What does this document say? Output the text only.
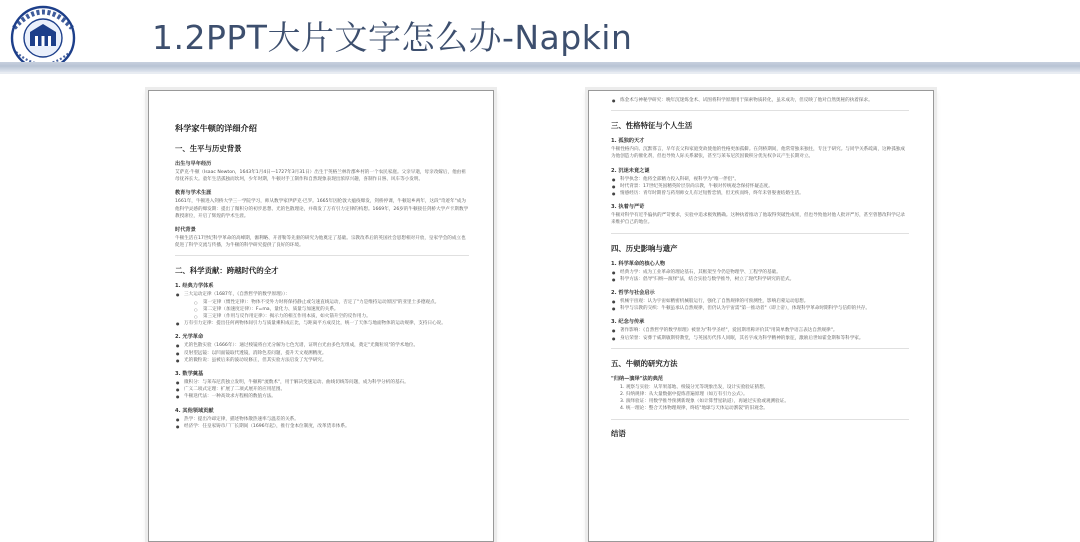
1.2PPT大片文字怎么办-Napkin
科学家牛顿的详细介绍
一、生平与历史背景
出生与早年经历
艾萨克·牛顿（Isaac Newton，1643年1月4日—1727年3月31日）出生于英格兰林肯郡乡村的一个农民家庭。父亲早逝，母亲改嫁后，他由祖母抚养长大。童年生活孤独而坎坷，少年时期，牛顿对手工制作和自然现象表现出浓厚兴趣，喜制作日晷、风车等小发明。
教育与学术生涯
1661年，牛顿进入剑桥大学三一学院学习，师从数学家伊萨克·巴罗。1665年因伦敦大瘟疫爆发，剑桥停课，牛顿返乡两年，这段"奇迹年"成为他科学灵感的爆发期：提出了微积分的初步思想、光的色散理论，并萌发了万有引力定律的构想。1669年，26岁的牛顿接任剑桥大学卢卡斯数学教授席位，开启了辉煌的学术生涯。
时代背景
牛顿生活在17世纪科学革命的高峰期，伽利略、开普勒等先驱的研究为他奠定了基础。宗教改革后的英国社会思想相对开放，皇家学会的成立也促进了科学交流与传播，为牛顿的科学研究提供了良好的环境。
二、科学贡献：跨越时代的全才
1. 经典力学体系
● 三大运动定律（1687年，《自然哲学的数学原理》）：
○ 第一定律（惯性定律）：物体不受外力时将保持静止或匀速直线运动，否定了"力是维持运动原因"的亚里士多德观点。
○ 第二定律（加速度定律）：F=ma，量化力、质量与加速度的关系。
○ 第三定律（作用与反作用定律）：揭示力的相互作用本质，如火箭升空的反作用力。
● 万有引力定律：提出任何两物体间引力与质量乘积成正比，与距离平方成反比，统一了天体与地面物体的运动规律，支持日心说。
2. 光学革命
● 光的色散实验（1666年）：通过棱镜将白光分解为七色光谱，证明白光由多色光组成，奠定"光微粒说"的学术地位。
● 反射望远镜：以凹面镜取代透镜，消除色差问题，提升天文观测精度。
● 光的微粒说：虽被后来的波动说修正，但其实验方法启发了光学研究。
3. 数学奠基
● 微积分：与莱布尼茨独立发明，牛顿称"流数术"，用于解决变速运动、曲线切线等问题，成为科学分析的基石。
● 广义二项式定理：扩展了二项式展开的应用范围。
● 牛顿迭代法：一种高效求方程根的数值方法。
4. 其他领域贡献
● 热学：提出冷却定律，描述物体散热速率与温差的关系。
● 经济学：任皇家铸币厂厂长期间（1696年起），推行金本位制度，改革货币体系。
● 炼金术与神秘学研究：晚年沉迷炼金术、试图将科学原理用于探索物质转化，虽未成功，但反映了他对自然奥秘的执着探求。
三、性格特征与个人生活
1. 孤独的天才
牛顿性格内向、沉默寡言，早年丧父和家庭变故使他的性格更加孤僻。在剑桥期间，他常常独来独往，专注于研究。与同学关系疏离，这种孤独成为他创造力的催化剂，但也导致人际关系紧张，甚至与莱布尼茨因微积分优先权争议产生长期对立。
2. 沉迷未竟之谜
● 科学执念：他将全部精力投入科研，视科学为"唯一伴侣"。
● 时代背景：17世纪英国精英阶层崇尚宗教，牛顿对传统观念保持怀疑态度。
● 情感经历：青年时期曾与药剂师女儿有过短暂恋情，但无疾而终，终年未曾娶妻结婚生活。
3. 执着与严苛
牛顿对科学有近乎偏执的严苛要求，实验中追求极致精确。这种执着推动了他取得突破性成果，但也导致他对他人批评严厉，甚至曾篡改科学记录来维护自己的地位。
四、历史影响与遗产
1. 科学革命的核心人物
● 经典力学：成为工业革命的理论基石，其框架至今仍是物理学、工程学的基础。
● 科学方法：倡导"归纳—演绎"法，结合实验与数学推导，树立了现代科学研究的范式。
2. 哲学与社会启示
● 机械宇宙观：认为宇宙如精密机械般运行，强化了自然规律的可预测性，影响启蒙运动思想。
● 科学与宗教的交织：牛顿虽承认自然规律，但仍认为宇宙需"第一推动者"（即上帝），体现科学革命时期科学与信仰的共存。
3. 纪念与传承
● 著作影响：《自然哲学的数学原理》被誉为"科学圣经"，爱因斯坦称评价其"用简单数学语言表达自然规律"。
● 身后荣誉：安葬于威斯敏斯特教堂，与英国历代伟人同眠，其名字成为科学精神的象征，激励后世如霍金斯和等科学家。
五、牛顿的研究方法
"归纳—演绎"法的典范
1. 观察与实验：从苹果落地、棱镜分光等现象出发，设计实验验证猜想。
2. 归纳规律：从大量数据中提炼普遍原理（如万有引力公式）。
3. 演绎验证：用数学推导预测新现象（如计算彗星轨道），再通过实验或观测验证。
4. 统一理论：整合天体物理规律，终结"地球与天体运动割裂"的旧观念。
结语
